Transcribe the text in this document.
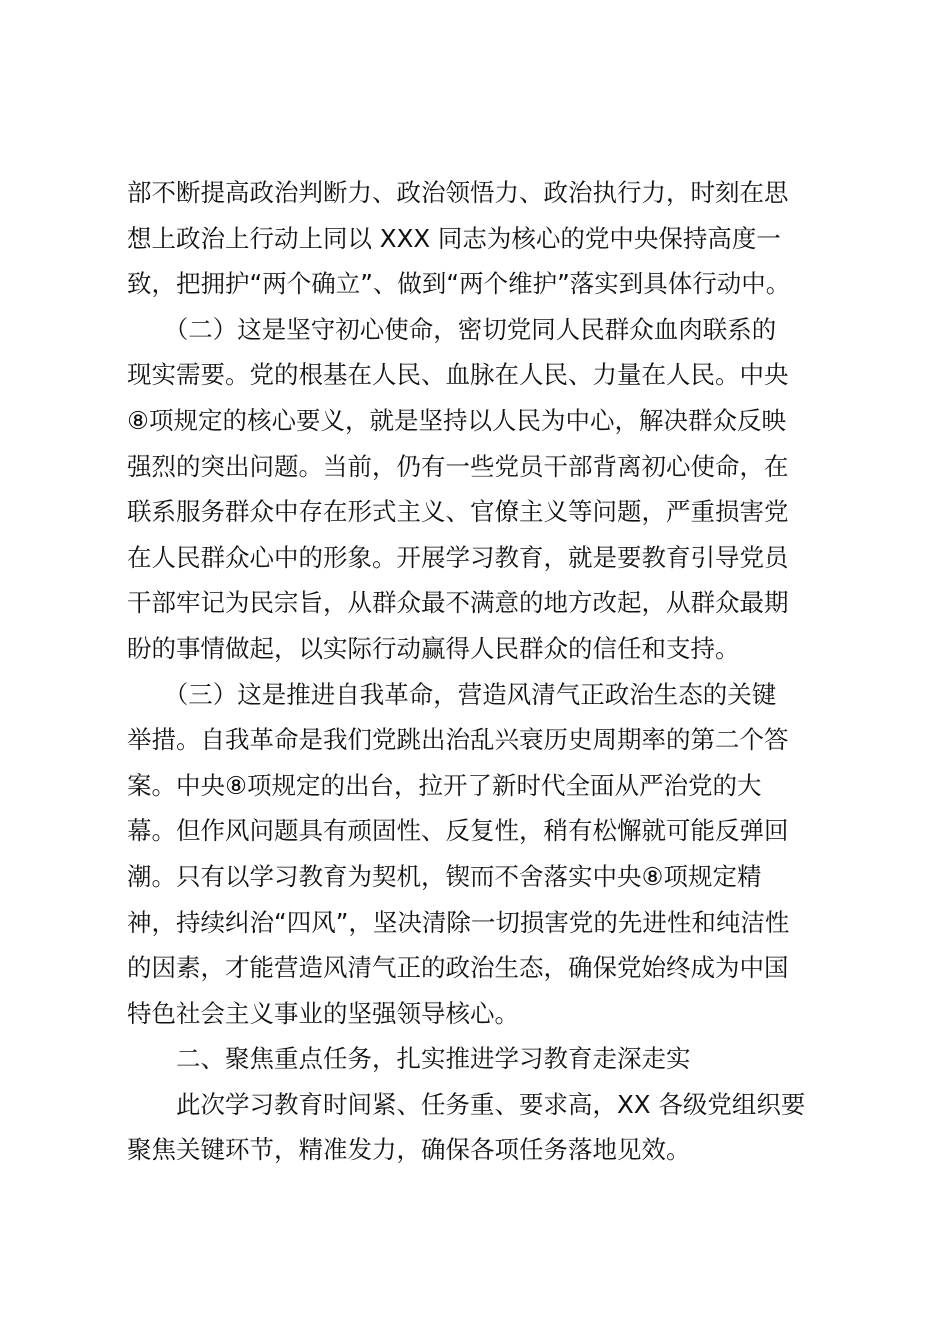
部不断提高政治判断力、政治领悟力、政治执行力，时刻在思
想上政治上行动上同以 XXX 同志为核心的党中央保持高度一
致，把拥护“两个确立”、做到“两个维护”落实到具体行动中。
　　（二）这是坚守初心使命，密切党同人民群众血肉联系的
现实需要。党的根基在人民、血脉在人民、力量在人民。中央
⑧项规定的核心要义，就是坚持以人民为中心，解决群众反映
强烈的突出问题。当前，仍有一些党员干部背离初心使命，在
联系服务群众中存在形式主义、官僚主义等问题，严重损害党
在人民群众心中的形象。开展学习教育，就是要教育引导党员
干部牢记为民宗旨，从群众最不满意的地方改起，从群众最期
盼的事情做起，以实际行动赢得人民群众的信任和支持。
　　（三）这是推进自我革命，营造风清气正政治生态的关键
举措。自我革命是我们党跳出治乱兴衰历史周期率的第二个答
案。中央⑧项规定的出台，拉开了新时代全面从严治党的大
幕。但作风问题具有顽固性、反复性，稍有松懈就可能反弹回
潮。只有以学习教育为契机，锲而不舍落实中央⑧项规定精
神，持续纠治“四风”，坚决清除一切损害党的先进性和纯洁性
的因素，才能营造风清气正的政治生态，确保党始终成为中国
特色社会主义事业的坚强领导核心。
　　二、聚焦重点任务，扎实推进学习教育走深走实
　　此次学习教育时间紧、任务重、要求高，XX 各级党组织要
聚焦关键环节，精准发力，确保各项任务落地见效。
